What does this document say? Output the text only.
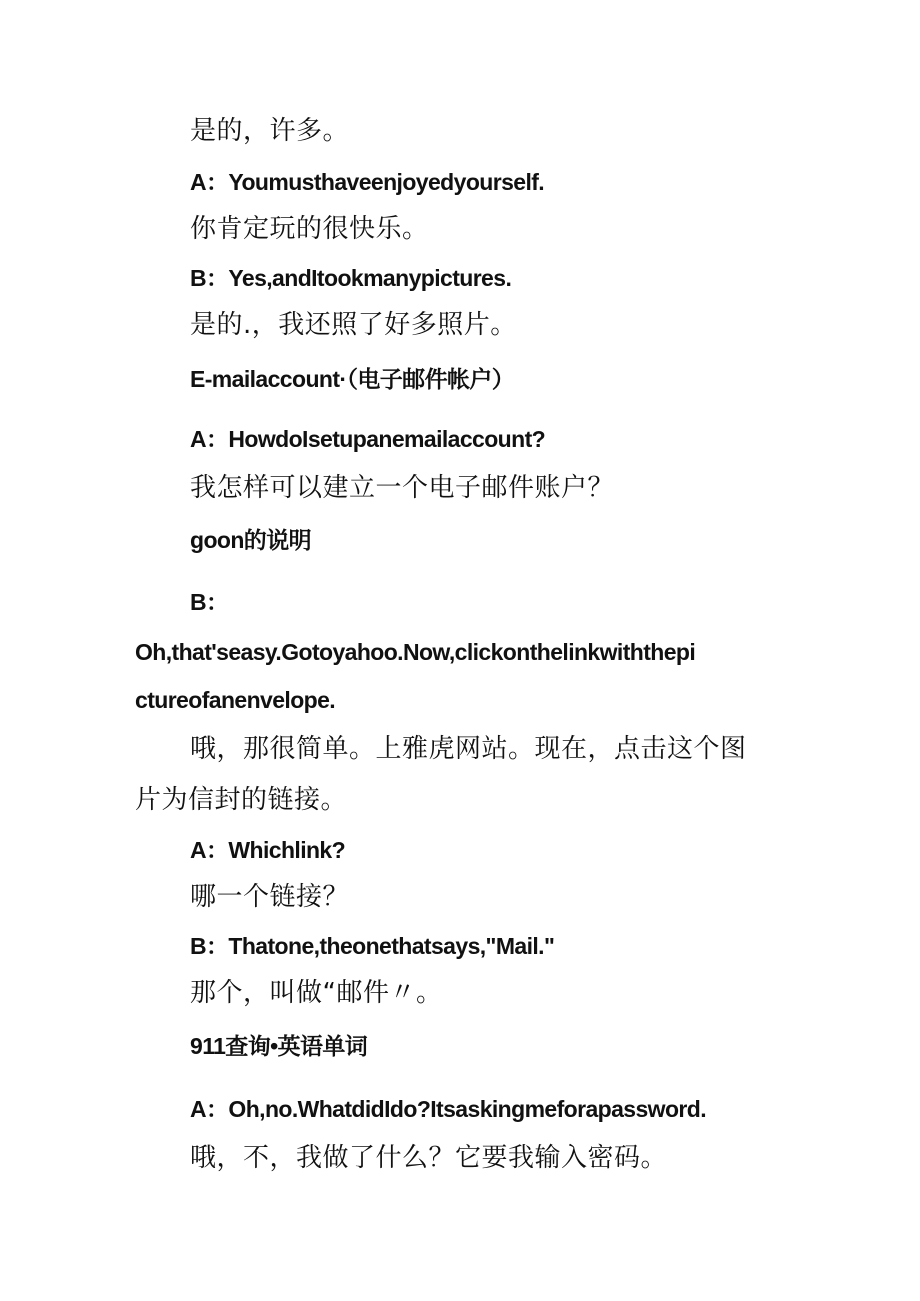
是的，许多。
A：Youmusthaveenjoyedyourself.
你肯定玩的很快乐。
B：Yes,andItookmanypictures.
是的.，我还照了好多照片。
E-mailaccount·（电子邮件帐户）
A：HowdoIsetupanemailaccount?
我怎样可以建立一个电子邮件账户？
goon的说明
B：
Oh,that'seasy.Gotoyahoo.Now,clickonthelinkwiththepi
ctureofanenvelope.
哦，那很简单。上雅虎网站。现在，点击这个图
片为信封的链接。
A：Whichlink?
哪一个链接？
B：Thatone,theonethatsays,"Mail."
那个，叫做“邮件〃。
911查询•英语单词
A：Oh,no.WhatdidIdo?Itsaskingmeforapassword.
哦，不，我做了什么？它要我输入密码。
